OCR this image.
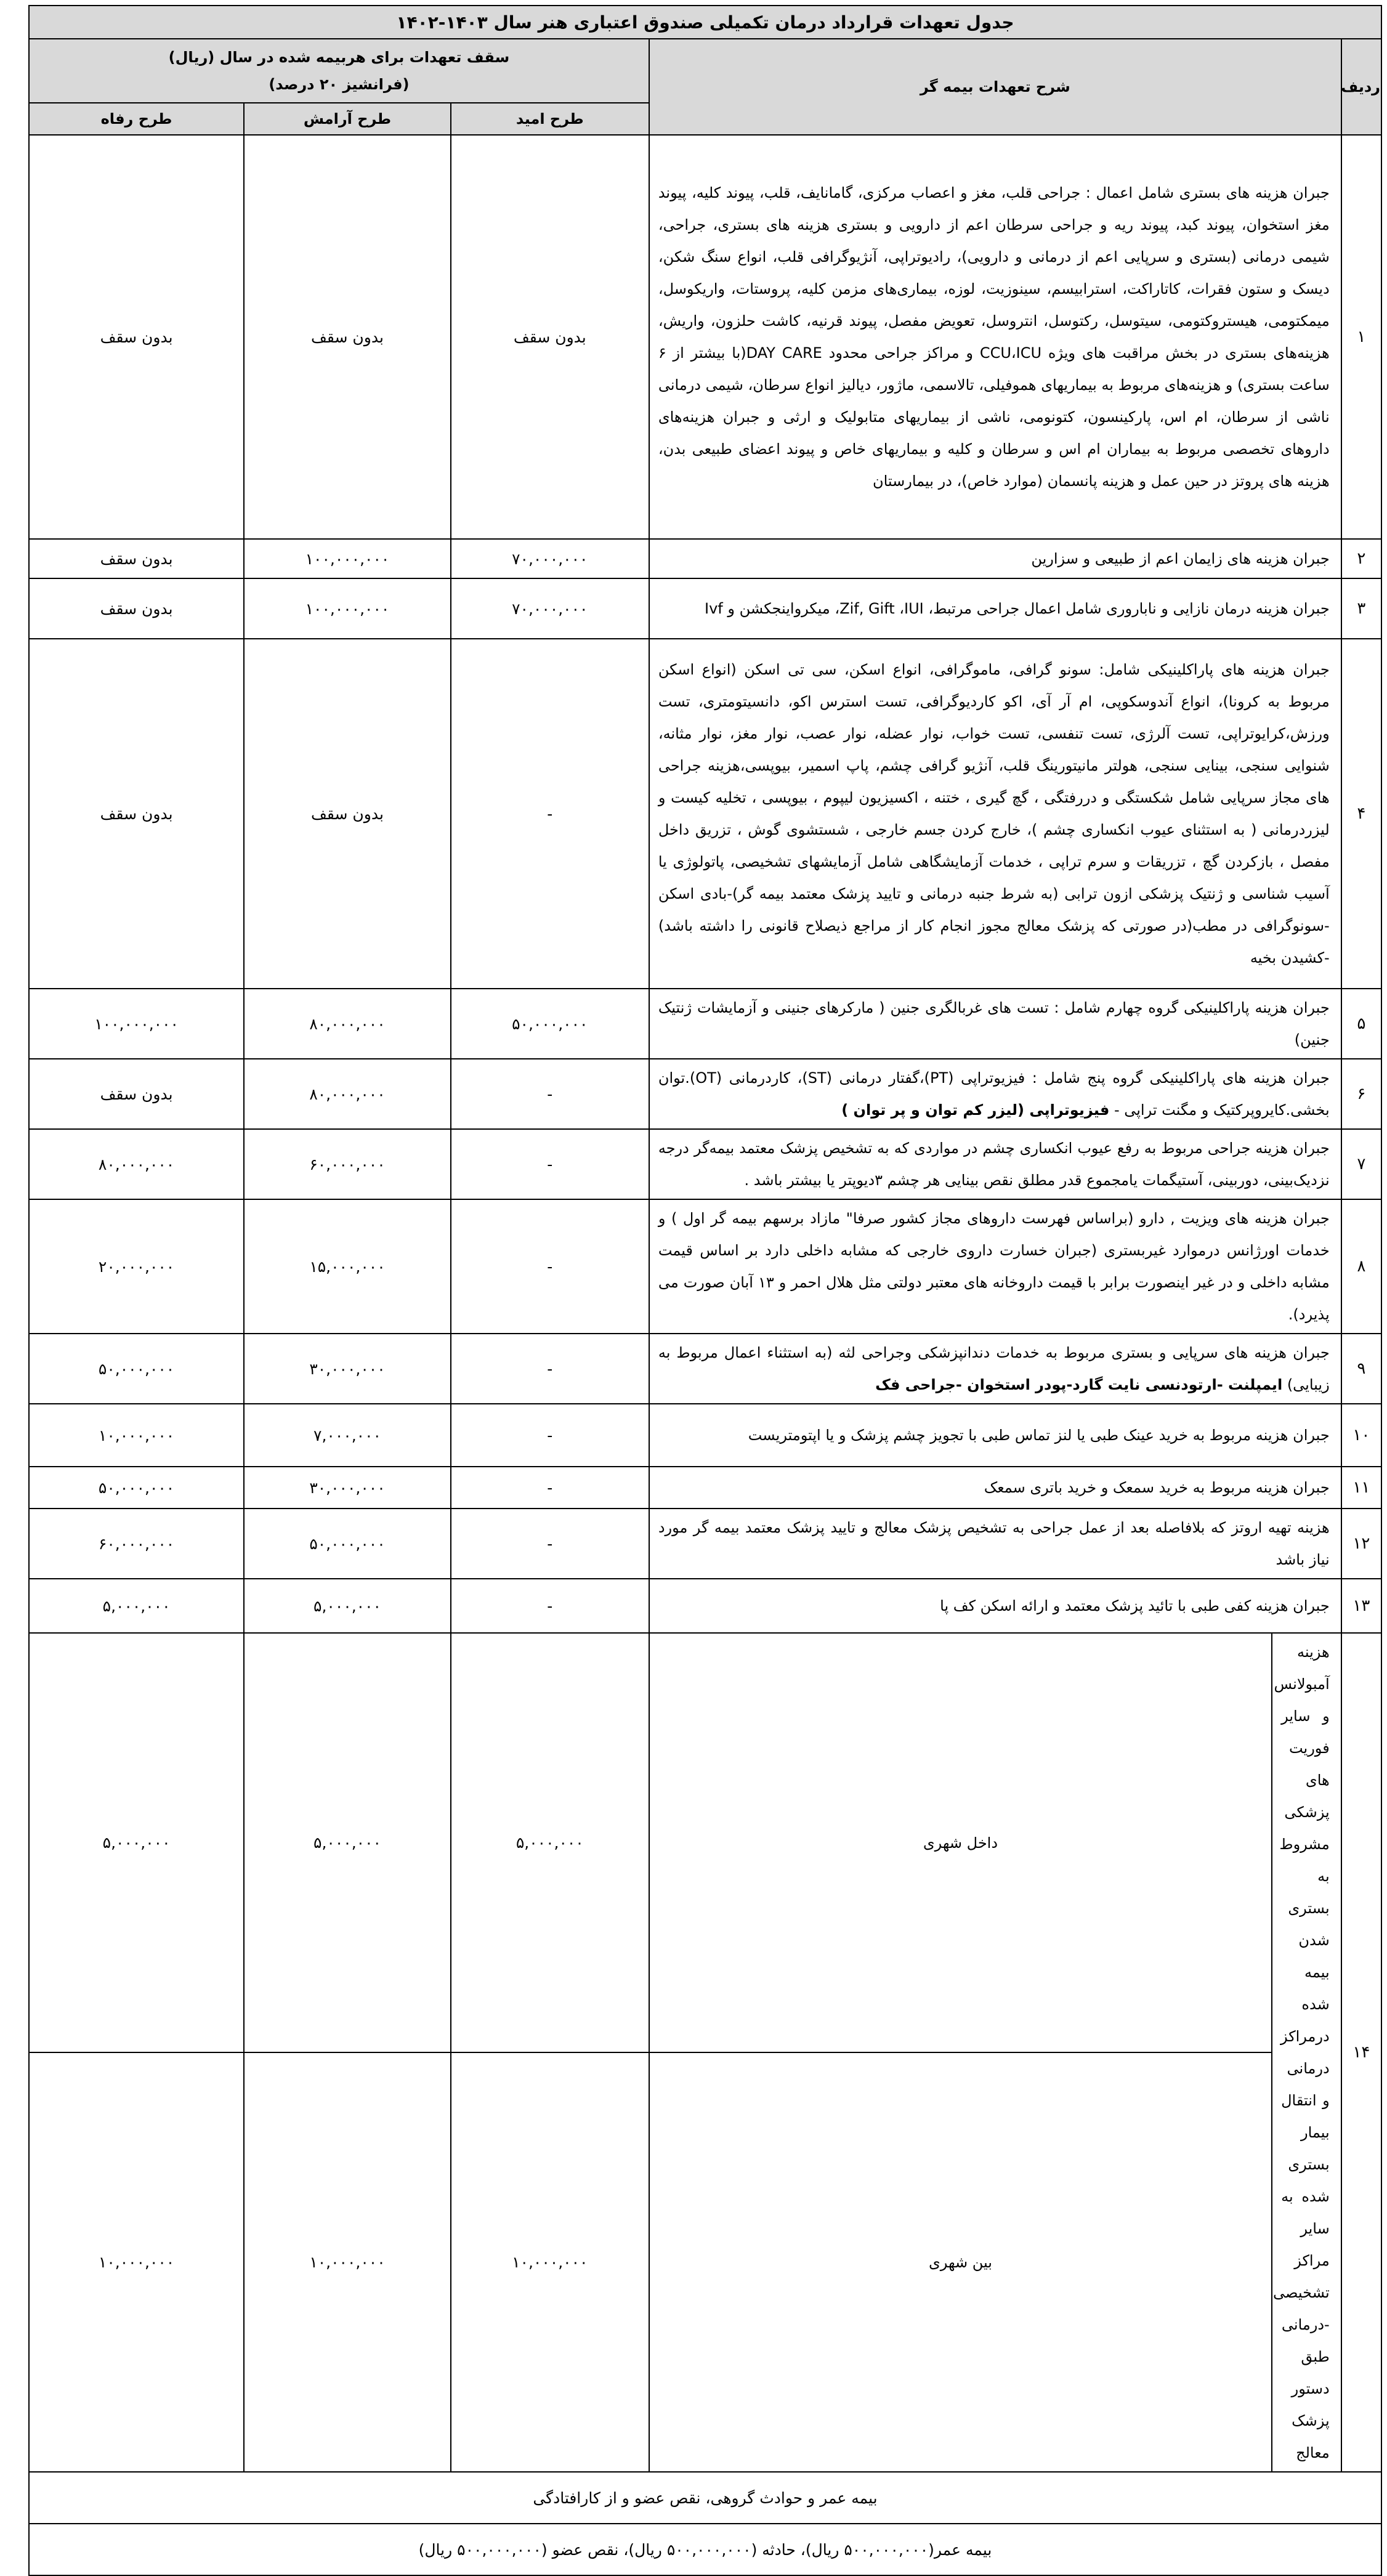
جدول تعهدات قرارداد درمان تکمیلی صندوق اعتباری هنر سال ۱۴۰۳-۱۴۰۲					
ردیف	شرح تعهدات بیمه گر		سقف تعهدات برای هربیمه شده در سال (ریال)
(فرانشیز ۲۰ درصد)		

			طرح امید	طرح آرامش	طرح رفاه
۱	جبران هزینه های بستری شامل اعمال : جراحی قلب، مغز و اعصاب مرکزی، گامانایف، قلب، پیوند کلیه، پیوند مغز استخوان، پیوند کبد، پیوند ریه و جراحی سرطان اعم از دارویی و بستری هزینه های بستری، جراحی، شیمی درمانی (بستری و سرپایی اعم از درمانی و دارویی)، رادیوتراپی، آنژیوگرافی قلب، انواع سنگ شکن، دیسک و ستون فقرات، کاتاراکت، استرابیسم، سینوزیت، لوزه، بیماری‌های مزمن کلیه، پروستات، واریکوسل، میمکتومی، هیستروکتومی، سیتوسل، رکتوسل، انتروسل، تعویض مفصل، پیوند قرنیه، کاشت حلزون، واریش، هزینه‌های بستری در بخش مراقبت های ویژه CCU،ICU و مراکز جراحی محدود DAY CARE(با بیشتر از ۶ ساعت بستری) و هزینه‌های مربوط به بیماریهای هموفیلی، تالاسمی، ماژور، دیالیز انواع سرطان، شیمی درمانی ناشی از سرطان، ام اس، پارکینسون، کتونومی، ناشی از بیماریهای متابولیک و ارثی و جبران هزینه‌های داروهای تخصصی مربوط به بیماران ام اس و سرطان و کلیه و بیماریهای خاص و پیوند اعضای طبیعی بدن، هزینه های پروتز در حین عمل و هزینه پانسمان (موارد خاص)، در بیمارستان		بدون سقف	بدون سقف	بدون سقف
۲	جبران هزینه های زایمان اعم از طبیعی و سزارین		۷۰,۰۰۰,۰۰۰	۱۰۰,۰۰۰,۰۰۰	بدون سقف
۳	جبران هزینه درمان نازایی و ناباروری شامل اعمال جراحی مرتبط، Zif, Gift ،IUI، میکرواینجکشن و Ivf		۷۰,۰۰۰,۰۰۰	۱۰۰,۰۰۰,۰۰۰	بدون سقف
۴	جبران هزینه های پاراکلینیکی شامل: سونو گرافی، ماموگرافی، انواع اسکن، سی تی اسکن (انواع اسکن مربوط به کرونا)، انواع آندوسکوپی، ام آر آی، اکو کاردیوگرافی، تست استرس اکو، دانسیتومتری، تست ورزش،کرایوتراپی، تست آلرژی، تست تنفسی، تست خواب، نوار عضله، نوار عصب، نوار مغز، نوار مثانه، شنوایی سنجی، بینایی سنجی، هولتر مانیتورینگ قلب، آنژیو گرافی چشم، پاپ اسمیر، بیوپسی،هزینه جراحی های مجاز سرپایی شامل شکستگی و دررفتگی ، گچ گیری ، ختنه ، اکسیزیون لیپوم ، بیوپسی ، تخلیه کیست و لیزردرمانی ( به استثنای عیوب انکساری چشم )، خارج کردن جسم خارجی ، شستشوی گوش ، تزریق داخل مفصل ، بازکردن گچ ، تزریقات و سرم تراپی ، خدمات آزمایشگاهی شامل آزمایشهای تشخیصی، پاتولوژی یا آسیب شناسی و ژنتیک پزشکی ازون ترابی (به شرط جنبه درمانی و تایید پزشک معتمد بیمه گر)-بادی اسکن -سونوگرافی در مطب(در صورتی که پزشک معالج مجوز انجام کار از مراجع ذیصلاح قانونی را داشته باشد) -کشیدن بخیه		-	بدون سقف	بدون سقف
۵	جبران هزینه پاراکلینیکی گروه چهارم شامل : تست های غربالگری جنین ( مارکرهای جنینی و آزمایشات ژنتیک جنین)		۵۰,۰۰۰,۰۰۰	۸۰,۰۰۰,۰۰۰	۱۰۰,۰۰۰,۰۰۰
۶	جبران هزینه های پاراکلینیکی گروه پنج شامل : فیزیوتراپی (PT)،گفتار درمانی (ST)، کاردرمانی (OT).توان بخشی.کایروپرکتیک و مگنت تراپی - فیزیوتراپی (لیزر کم توان و پر توان )		-	۸۰,۰۰۰,۰۰۰	بدون سقف
۷	جبران هزینه جراحی مربوط به رفع عیوب انکساری چشم در مواردی که به تشخیص پزشک معتمد بیمه‌گر درجه نزدیک‌بینی، دوربینی، آستیگمات یامجموع قدر مطلق نقص بینایی هر چشم ۳دیوپتر یا بیشتر باشد .		-	۶۰,۰۰۰,۰۰۰	۸۰,۰۰۰,۰۰۰
۸	جبران هزینه های ویزیت , دارو (براساس فهرست داروهای مجاز کشور صرفا" مازاد برسهم بیمه گر اول ) و خدمات اورژانس درموارد غیربستری (جبران خسارت داروی خارجی که مشابه داخلی دارد بر اساس قیمت مشابه داخلی و در غیر اینصورت برابر با قیمت داروخانه های معتبر دولتی مثل هلال احمر و ۱۳ آبان صورت می پذیرد).		-	۱۵,۰۰۰,۰۰۰	۲۰,۰۰۰,۰۰۰
۹	جبران هزینه های سرپایی و بستری مربوط به خدمات دندانپزشکی وجراحی لثه (به استثناء اعمال مربوط به زیبایی) ایمپلنت -ارتودنسی نایت گارد-پودر استخوان -جراحی فک		-	۳۰,۰۰۰,۰۰۰	۵۰,۰۰۰,۰۰۰
۱۰	جبران هزینه مربوط به خرید عینک طبی یا لنز تماس طبی با تجویز چشم پزشک و یا اپتومتریست		-	۷,۰۰۰,۰۰۰	۱۰,۰۰۰,۰۰۰
۱۱	جبران هزینه مربوط به خرید سمعک و خرید باتری سمعک		-	۳۰,۰۰۰,۰۰۰	۵۰,۰۰۰,۰۰۰
۱۲	هزینه تهیه اروتز که بلافاصله بعد از عمل جراحی به تشخیص پزشک معالج و تایید پزشک معتمد بیمه گر مورد نیاز باشد		-	۵۰,۰۰۰,۰۰۰	۶۰,۰۰۰,۰۰۰
۱۳	جبران هزینه کفی طبی با تائید پزشک معتمد و ارائه اسکن کف پا		-	۵,۰۰۰,۰۰۰	۵,۰۰۰,۰۰۰
۱۴	هزینه آمبولانس و سایر فوریت های پزشکی مشروط به بستری شدن بیمه شده درمراکز درمانی و انتقال بیمار بستری شده به سایر مراکز تشخیصی -درمانی طبق دستور پزشک معالج	داخل شهری	۵,۰۰۰,۰۰۰	۵,۰۰۰,۰۰۰	۵,۰۰۰,۰۰۰
		بین شهری	۱۰,۰۰۰,۰۰۰	۱۰,۰۰۰,۰۰۰	۱۰,۰۰۰,۰۰۰
بیمه عمر و حوادث گروهی، نقص عضو و از کارافتادگی					
بیمه عمر(۵۰۰,۰۰۰,۰۰۰ ریال)، حادثه (۵۰۰,۰۰۰,۰۰۰ ریال)، نقص عضو (۵۰۰,۰۰۰,۰۰۰ ریال)					
